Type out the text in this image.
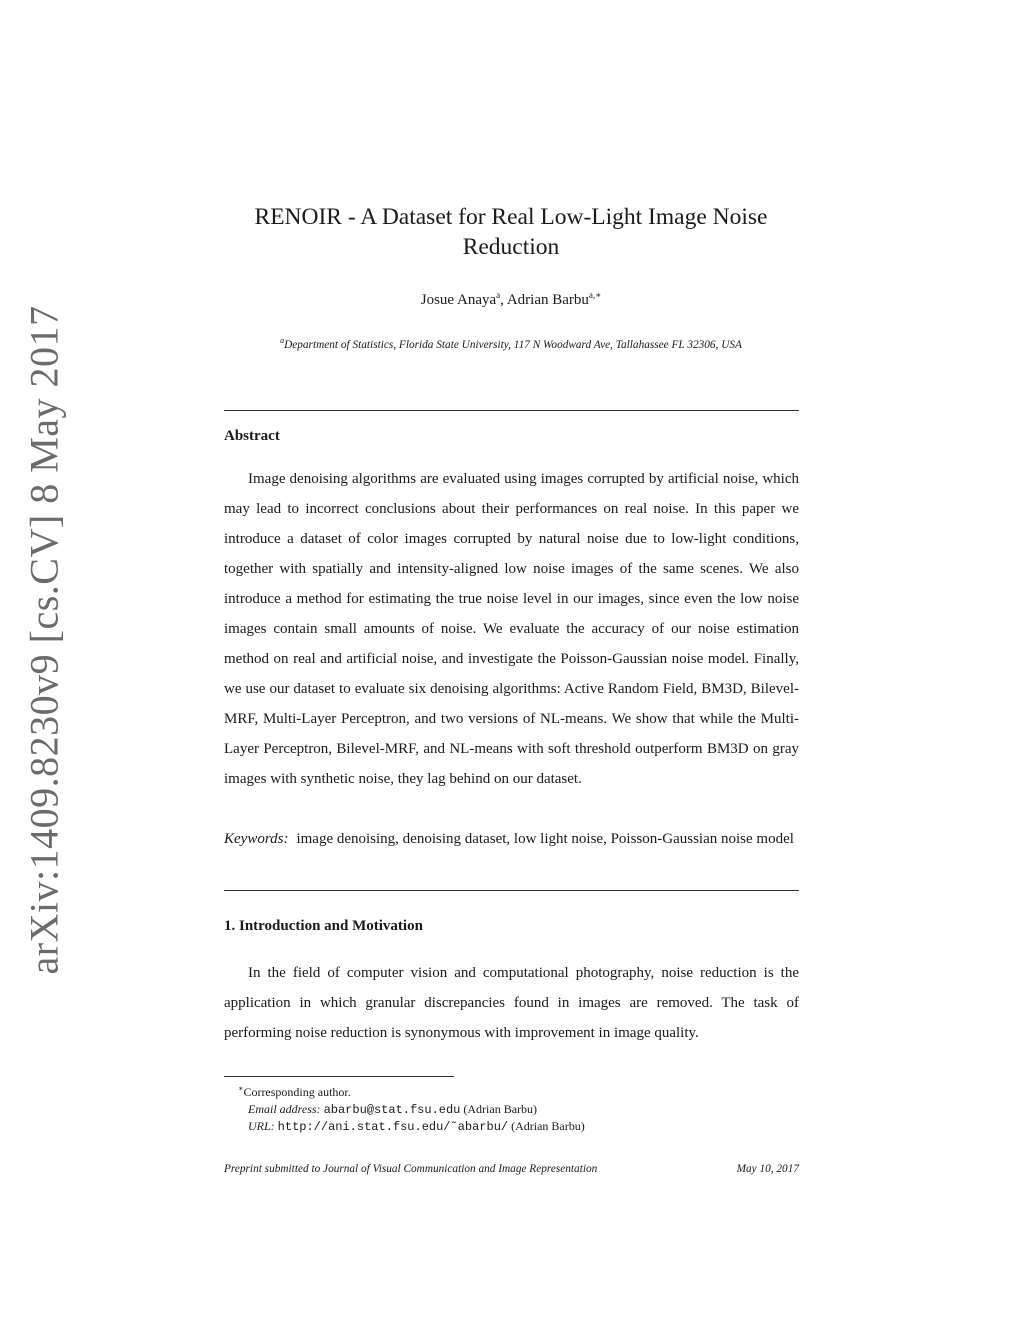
arXiv:1409.8230v9 [cs.CV] 8 May 2017
RENOIR - A Dataset for Real Low-Light Image Noise Reduction
Josue Anaya$^a$, Adrian Barbu$^{a,∗}$
$^a$Department of Statistics, Florida State University, 117 N Woodward Ave, Tallahassee FL 32306, USA
Abstract

Image denoising algorithms are evaluated using images corrupted by artificial noise, which may lead to incorrect conclusions about their performances on real noise. In this paper we introduce a dataset of color images corrupted by natural noise due to low-light conditions, together with spatially and intensity-aligned low noise images of the same scenes. We also introduce a method for estimating the true noise level in our images, since even the low noise images contain small amounts of noise. We evaluate the accuracy of our noise estimation method on real and artificial noise, and investigate the Poisson-Gaussian noise model. Finally, we use our dataset to evaluate six denoising algorithms: Active Random Field, BM3D, Bilevel-MRF, Multi-Layer Perceptron, and two versions of NL-means. We show that while the Multi-Layer Perceptron, Bilevel-MRF, and NL-means with soft threshold outperform BM3D on gray images with synthetic noise, they lag behind on our dataset.

Keywords: image denoising, denoising dataset, low light noise, Poisson-Gaussian noise model

1. Introduction and Motivation

In the field of computer vision and computational photography, noise reduction is the application in which granular discrepancies found in images are removed. The task of performing noise reduction is synonymous with improvement in image quality.

∗Corresponding author.
Email address: abarbu@stat.fsu.edu (Adrian Barbu)
URL: http://ani.stat.fsu.edu/˜abarbu/ (Adrian Barbu)
Preprint submitted to Journal of Visual Communication and Image Representation	May 10, 2017
